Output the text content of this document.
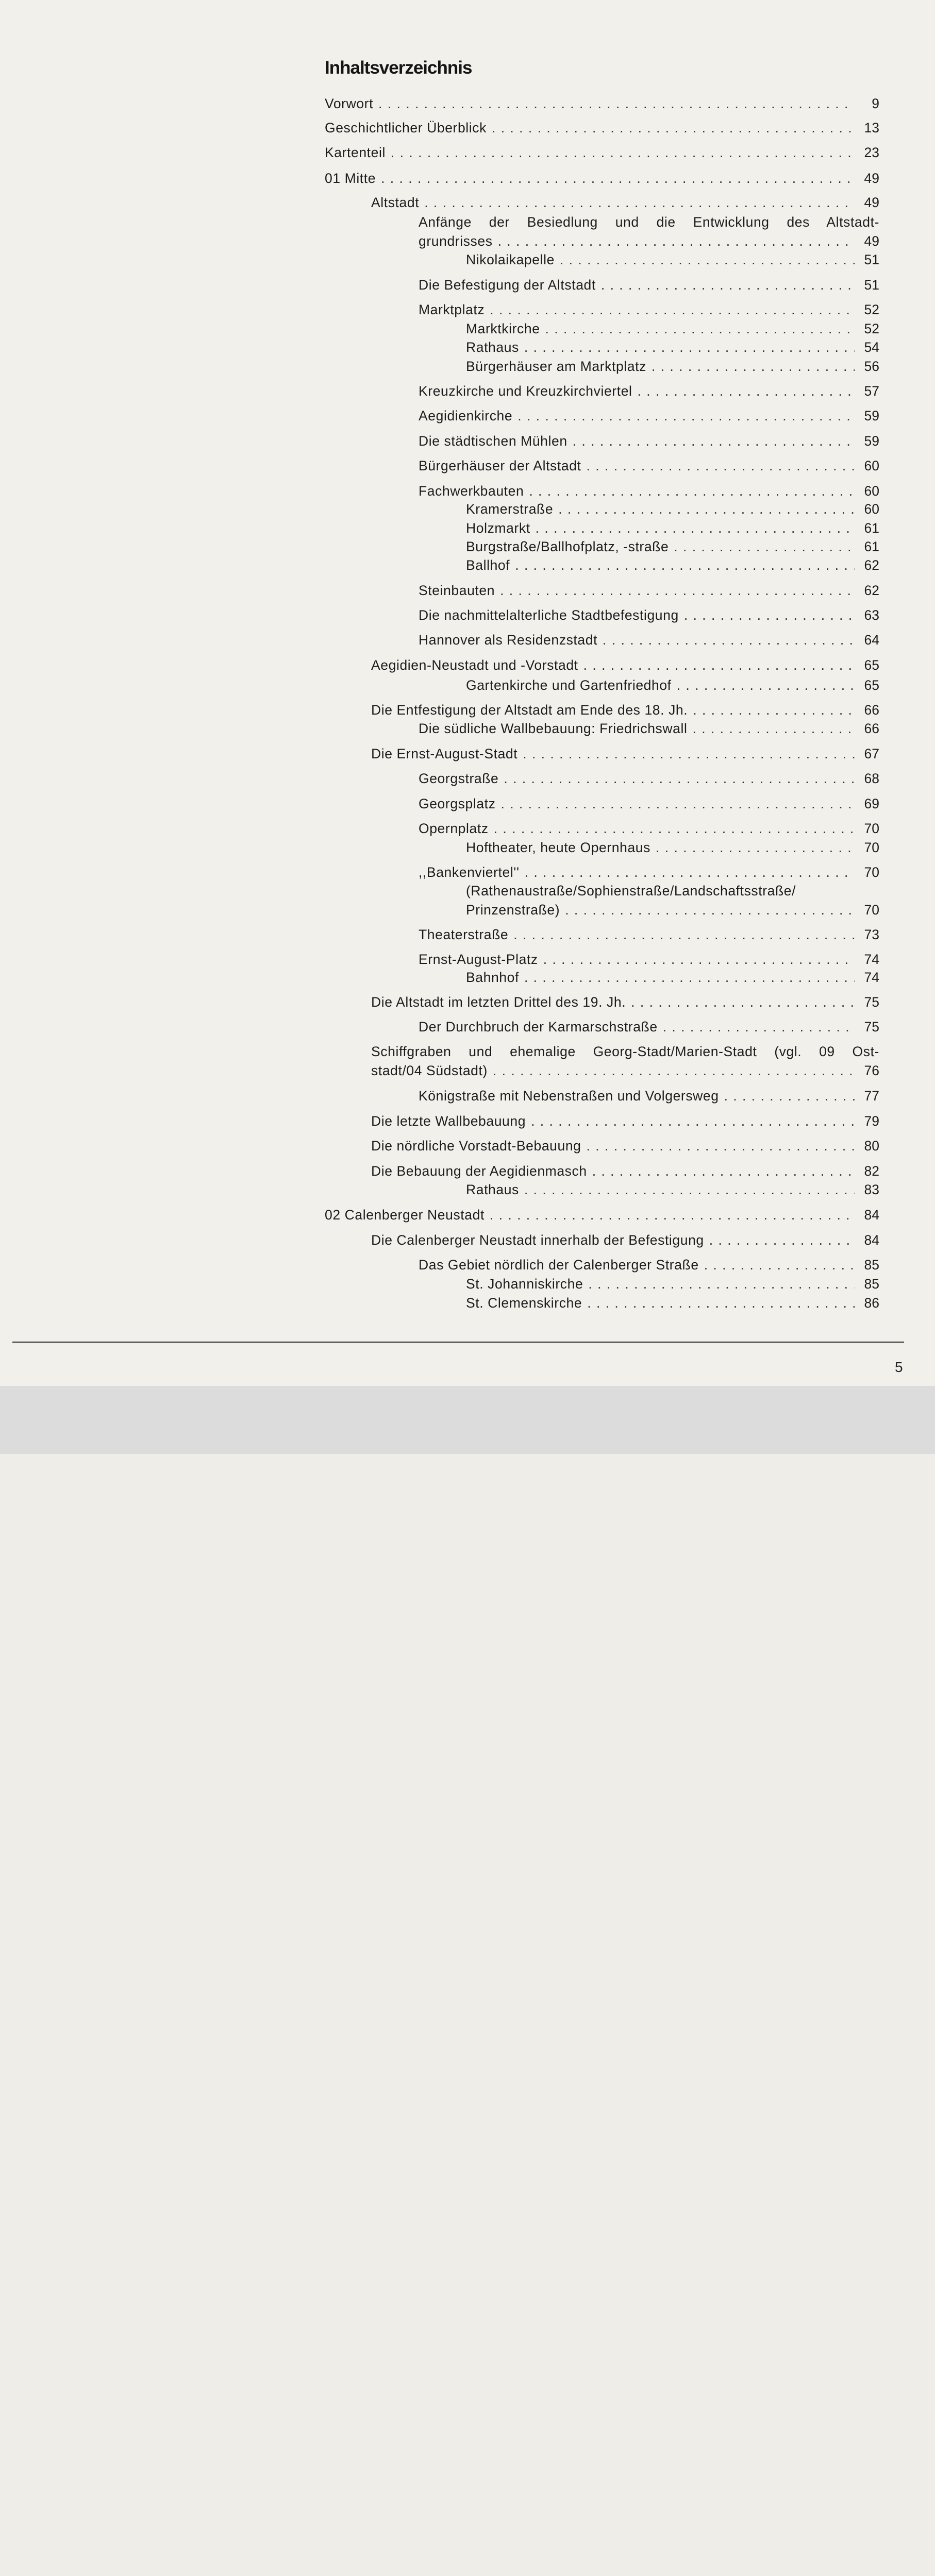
Inhaltsverzeichnis
Vorwort . . .	9
Geschichtlicher Überblick . . .	13
Kartenteil . . .	23
01 Mitte . . .	49
Altstadt . . .	49
Anfänge der Besiedlung und die Entwicklung des Altstadt-
grundrisses . . .	49
Nikolaikapelle . . .	51
Die Befestigung der Altstadt . . .	51
Marktplatz . . .	52
Marktkirche . . .	52
Rathaus . . .	54
Bürgerhäuser am Marktplatz . . .	56
Kreuzkirche und Kreuzkirchviertel . . .	57
Aegidienkirche . . .	59
Die städtischen Mühlen . . .	59
Bürgerhäuser der Altstadt . . .	60
Fachwerkbauten . . .	60
Kramerstraße . . .	60
Holzmarkt . . .	61
Burgstraße/Ballhofplatz, -straße . . .	61
Ballhof . . .	62
Steinbauten . . .	62
Die nachmittelalterliche Stadtbefestigung . . .	63
Hannover als Residenzstadt . . .	64
Aegidien-Neustadt und -Vorstadt . . .	65
Gartenkirche und Gartenfriedhof . . .	65
Die Entfestigung der Altstadt am Ende des 18. Jh. . . .	66
Die südliche Wallbebauung: Friedrichswall . . .	66
Die Ernst-August-Stadt . . .	67
Georgstraße . . .	68
Georgsplatz . . .	69
Opernplatz . . .	70
Hoftheater, heute Opernhaus . . .	70
,,Bankenviertel'' . . .	70
(Rathenaustraße/Sophienstraße/Landschaftsstraße/
Prinzenstraße) . . .	70
Theaterstraße . . .	73
Ernst-August-Platz . . .	74
Bahnhof . . .	74
Die Altstadt im letzten Drittel des 19. Jh. . . .	75
Der Durchbruch der Karmarschstraße . . .	75
Schiffgraben und ehemalige Georg-Stadt/Marien-Stadt (vgl. 09 Ost-
stadt/04 Südstadt) . . .	76
Königstraße mit Nebenstraßen und Volgersweg . . .	77
Die letzte Wallbebauung . . .	79
Die nördliche Vorstadt-Bebauung . . .	80
Die Bebauung der Aegidienmasch . . .	82
Rathaus . . .	83
02 Calenberger Neustadt . . .	84
Die Calenberger Neustadt innerhalb der Befestigung . . .	84
Das Gebiet nördlich der Calenberger Straße . . .	85
St. Johanniskirche . . .	85
St. Clemenskirche . . .	86
5
